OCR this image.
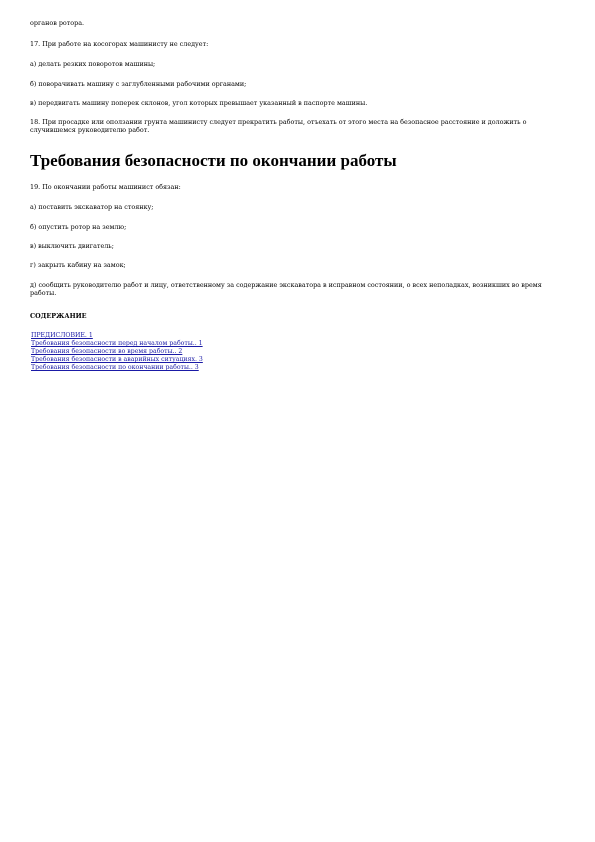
органов ротора.

17. При работе на косогорах машинисту не следует:

а) делать резких поворотов машины;

б) поворачивать машину с заглубленными рабочими органами;

в) передвигать машину поперек склонов, угол которых превышает указанный в паспорте машины.

18. При просадке или оползании грунта машинисту следует прекратить работы, отъехать от этого места на безопасное расстояние и доложить о случившемся руководителю работ.

Требования безопасности по окончании работы

19. По окончании работы машинист обязан:

а) поставить экскаватор на стоянку;

б) опустить ротор на землю;

в) выключить двигатель;

г) закрыть кабину на замок;

д) сообщить руководителю работ и лицу, ответственному за содержание экскаватора в исправном состоянии, о всех неполадках, возникших во время работы.

СОДЕРЖАНИЕ

ПРЕДИСЛОВИЕ. 1
Требования безопасности перед началом работы.. 1
Требования безопасности во время работы.. 2
Требования безопасности в аварийных ситуациях. 3
Требования безопасности по окончании работы.. 3
